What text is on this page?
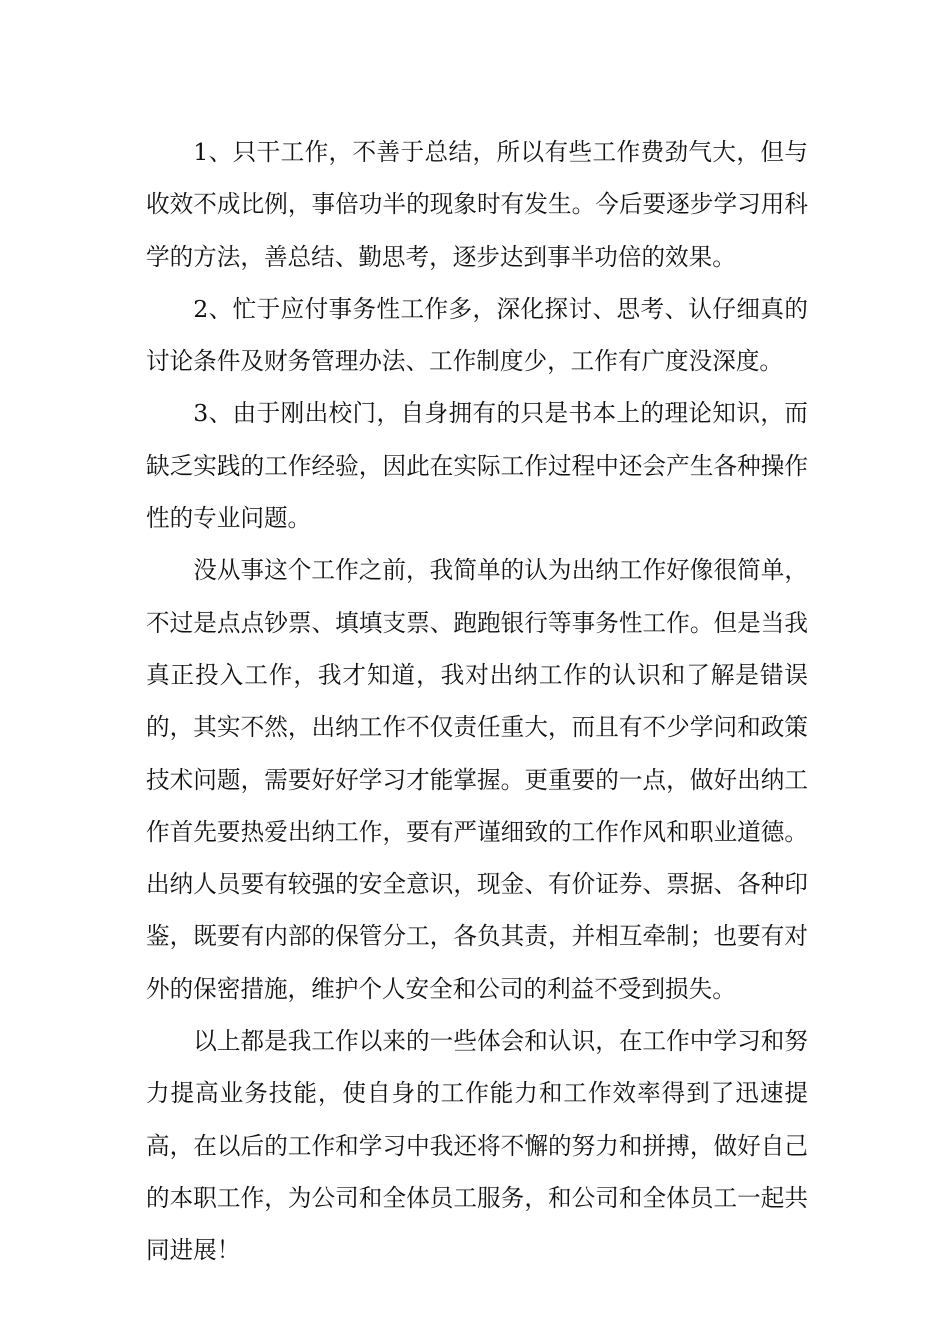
1、只干工作，不善于总结，所以有些工作费劲气大，但与收效不成比例，事倍功半的现象时有发生。今后要逐步学习用科学的方法，善总结、勤思考，逐步达到事半功倍的效果。

2、忙于应付事务性工作多，深化探讨、思考、认仔细真的讨论条件及财务管理办法、工作制度少，工作有广度没深度。

3、由于刚出校门，自身拥有的只是书本上的理论知识，而缺乏实践的工作经验，因此在实际工作过程中还会产生各种操作性的专业问题。

没从事这个工作之前，我简单的认为出纳工作好像很简单，不过是点点钞票、填填支票、跑跑银行等事务性工作。但是当我真正投入工作，我才知道，我对出纳工作的认识和了解是错误的，其实不然，出纳工作不仅责任重大，而且有不少学问和政策技术问题，需要好好学习才能掌握。更重要的一点，做好出纳工作首先要热爱出纳工作，要有严谨细致的工作作风和职业道德。出纳人员要有较强的安全意识，现金、有价证券、票据、各种印鉴，既要有内部的保管分工，各负其责，并相互牵制；也要有对外的保密措施，维护个人安全和公司的利益不受到损失。

以上都是我工作以来的一些体会和认识，在工作中学习和努力提高业务技能，使自身的工作能力和工作效率得到了迅速提高，在以后的工作和学习中我还将不懈的努力和拼搏，做好自己的本职工作，为公司和全体员工服务，和公司和全体员工一起共同进展！
